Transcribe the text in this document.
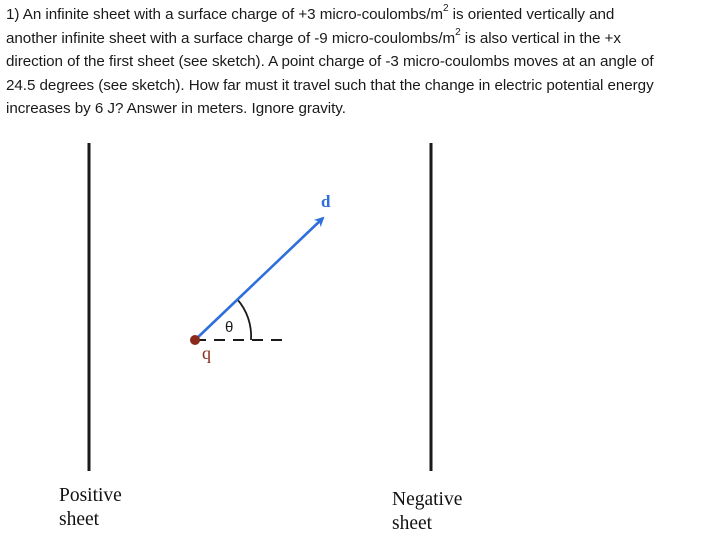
1) An infinite sheet with a surface charge of +3 micro-$coulombs/m^2$ is oriented vertically and
another infinite sheet with a surface charge of -9 micro-$coulombs/m^2$ is also vertical in the +x
direction of the first sheet (see sketch). A point charge of -3 micro-coulombs moves at an angle of
24.5 degrees (see sketch). How far must it travel such that the change in electric potential energy
increases by 6 J? Answer in meters. Ignore gravity.
d
θ
q
Positive
sheet
Negative
sheet
